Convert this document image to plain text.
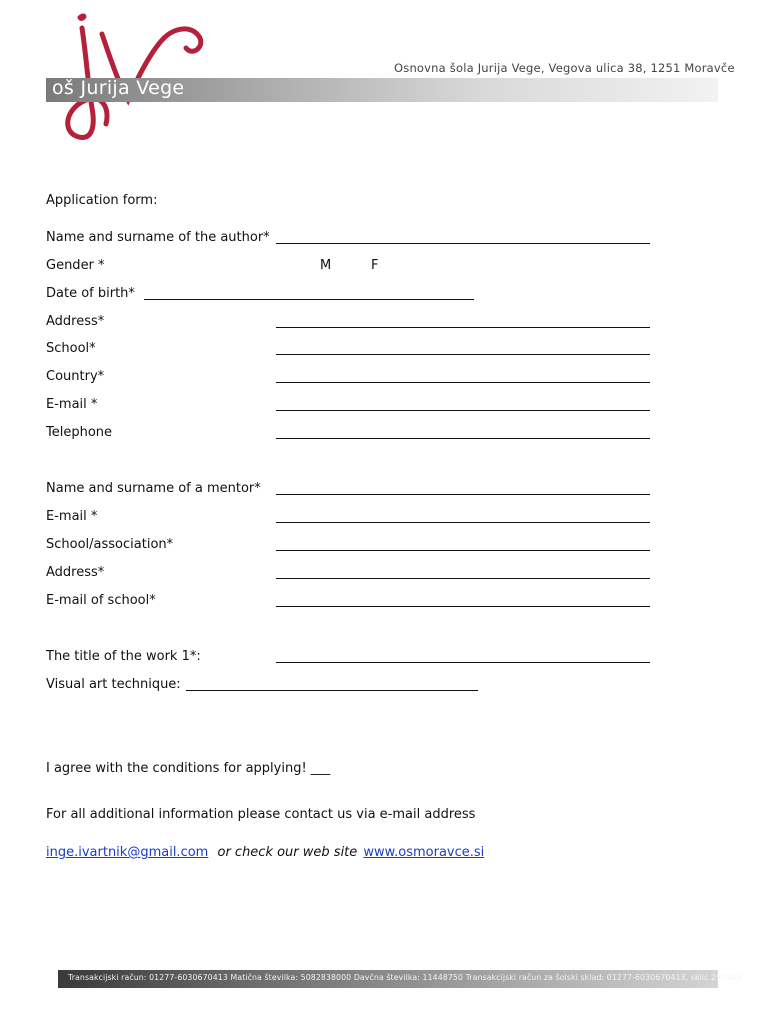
oš Jurija Vege
Osnovna šola Jurija Vege, Vegova ulica 38, 1251 Moravče
Application form:
Name and surname of the author*
Gender *	M	F
Date of birth*
Address*
School*
Country*
E-mail *
Telephone
Name and surname of a mentor*
E-mail *
School/association*
Address*
E-mail of school*
The title of the work 1*:
Visual art technique:
I agree with the conditions for applying! ___
For all additional information please contact us via e-mail address
inge.ivartnik@gmail.com or check our web site www.osmoravce.si
Transakcijski račun: 01277-6030670413 Matična številka: 5082838000 Davčna številka: 11448750 Transakcijski račun za šolski sklad: 01277-6030670413, sklic 291009
